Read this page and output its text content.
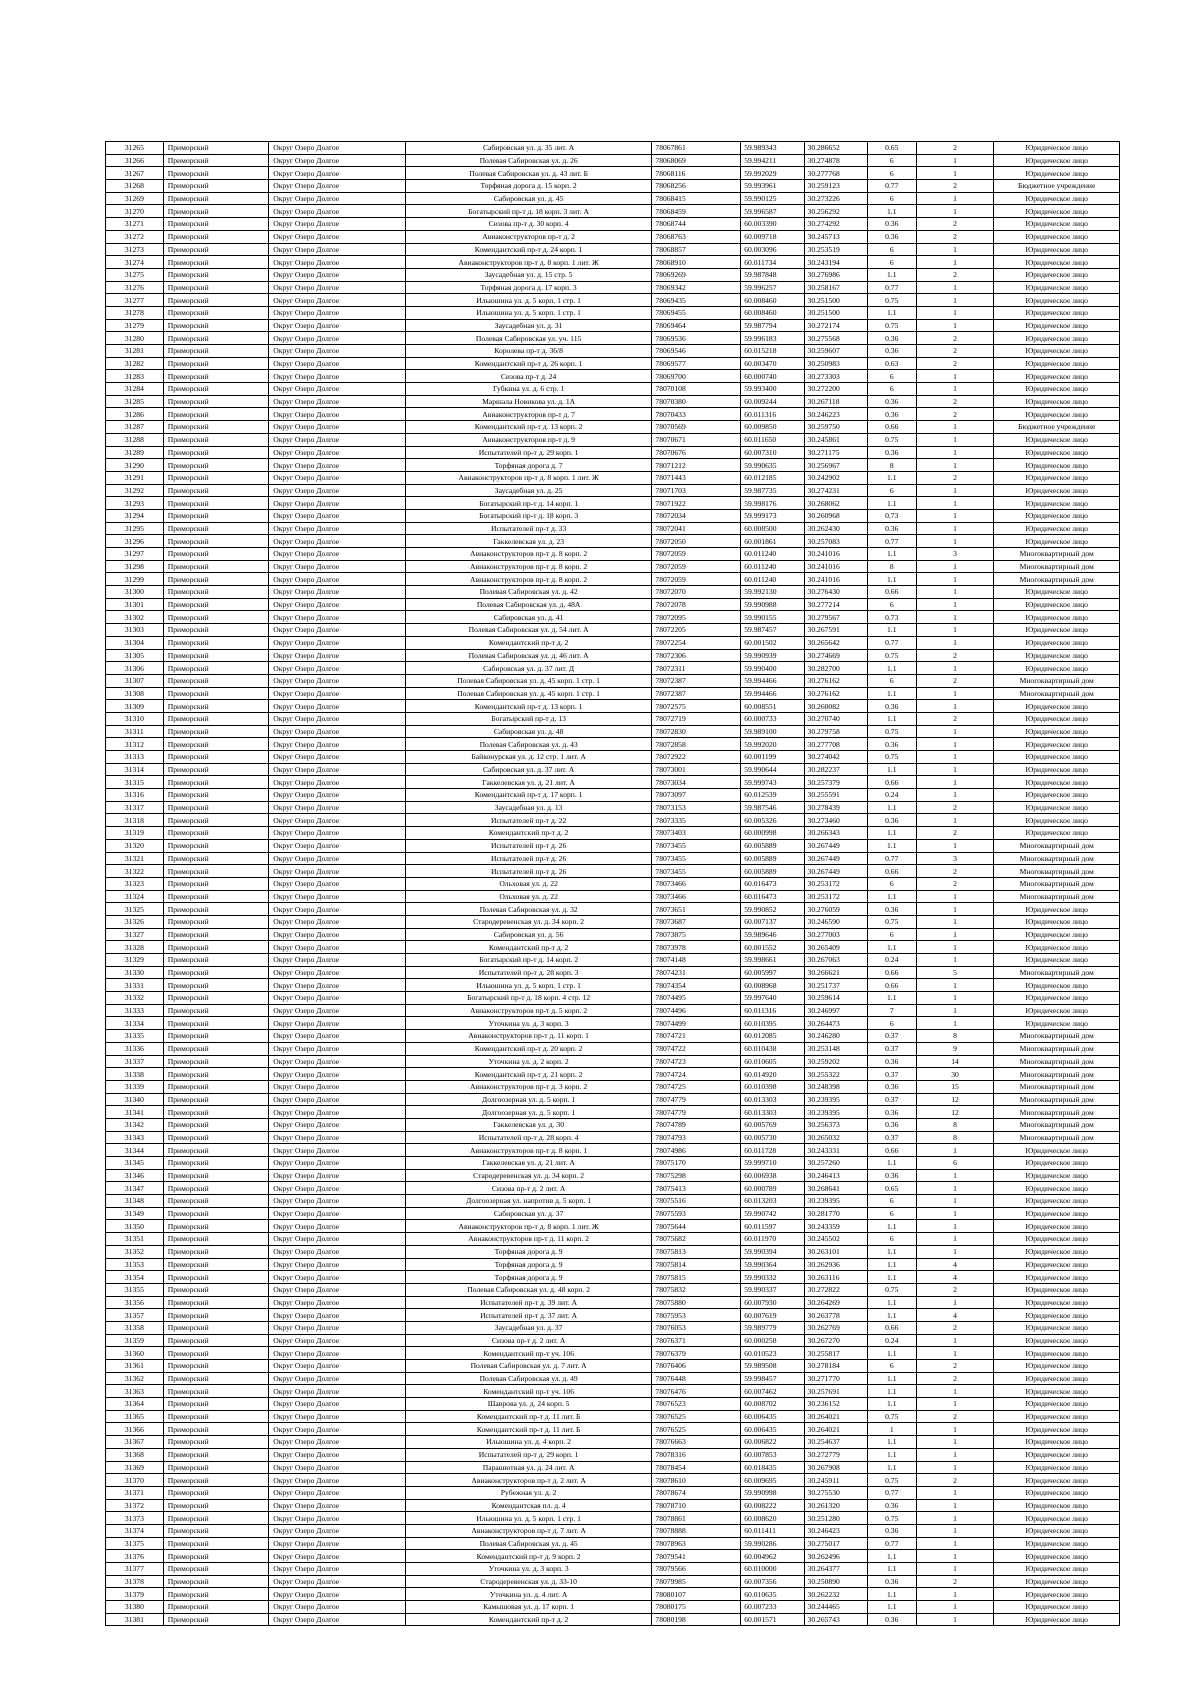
31265	Приморский	Округ Озеро Долгое	Сабировская ул. д. 35 лит. А	78067861	59.989343	30.286652	0.65	2	Юридическое лицо
31266	Приморский	Округ Озеро Долгое	Полевая Сабировская ул. д. 26	78068069	59.994211	30.274878	6	1	Юридическое лицо
31267	Приморский	Округ Озеро Долгое	Полевая Сабировская ул. д. 43 лит. Б	78068116	59.992029	30.277768	6	1	Юридическое лицо
31268	Приморский	Округ Озеро Долгое	Торфяная дорога д. 15 корп. 2	78068256	59.993961	30.259123	0.77	2	Бюджетное учреждение
31269	Приморский	Округ Озеро Долгое	Сабировская ул. д. 45	78068415	59.990125	30.273226	6	1	Юридическое лицо
31270	Приморский	Округ Озеро Долгое	Богатырский пр-т д. 18 корп. 3 лит. А	78068459	59.996587	30.256292	1.1	1	Юридическое лицо
31271	Приморский	Округ Озеро Долгое	Сизова пр-т д. 30 корп. 4	78068744	60.003390	30.274292	0.36	2	Юридическое лицо
31272	Приморский	Округ Озеро Долгое	Авиаконструкторов пр-т д. 2	78068763	60.009718	30.245713	0.36	2	Юридическое лицо
31273	Приморский	Округ Озеро Долгое	Комендантский пр-т д. 24 корп. 1	78068857	60.003096	30.253519	6	1	Юридическое лицо
31274	Приморский	Округ Озеро Долгое	Авиаконструкторов пр-т д. 8 корп. 1 лит. Ж	78068910	60.011734	30.243194	6	1	Юридическое лицо
31275	Приморский	Округ Озеро Долгое	Заусадебная ул. д. 15 стр. 5	78069269	59.987848	30.276986	1.1	2	Юридическое лицо
31276	Приморский	Округ Озеро Долгое	Торфяная дорога д. 17 корп. 3	78069342	59.996257	30.258167	0.77	1	Юридическое лицо
31277	Приморский	Округ Озеро Долгое	Ильюшина ул. д. 5 корп. 1 стр. 1	78069435	60.008460	30.251500	0.75	1	Юридическое лицо
31278	Приморский	Округ Озеро Долгое	Ильюшина ул. д. 5 корп. 1 стр. 1	78069455	60.008460	30.251500	1.1	1	Юридическое лицо
31279	Приморский	Округ Озеро Долгое	Заусадебная ул. д. 31	78069464	59.987794	30.272174	0.75	1	Юридическое лицо
31280	Приморский	Округ Озеро Долгое	Полевая Сабировская ул. уч. 115	78069536	59.996183	30.275568	0.36	2	Юридическое лицо
31281	Приморский	Округ Озеро Долгое	Королева пр-т д. 36/8	78069546	60.015218	30.259607	0.36	2	Юридическое лицо
31282	Приморский	Округ Озеро Долгое	Комендантский пр-т д. 26 корп. 1	78069577	60.003470	30.250983	0.63	2	Юридическое лицо
31283	Приморский	Округ Озеро Долгое	Сизова пр-т д. 24	78069700	60.000740	30.273303	6	1	Юридическое лицо
31284	Приморский	Округ Озеро Долгое	Губкина ул. д. 6 стр. 1	78070108	59.993400	30.272200	6	1	Юридическое лицо
31285	Приморский	Округ Озеро Долгое	Маршала Новикова ул. д. 1А	78070380	60.009244	30.267118	0.36	2	Юридическое лицо
31286	Приморский	Округ Озеро Долгое	Авиаконструкторов пр-т д. 7	78070433	60.011316	30.246223	0.36	2	Юридическое лицо
31287	Приморский	Округ Озеро Долгое	Комендантский пр-т д. 13 корп. 2	78070569	60.009850	30.259750	0.66	1	Бюджетное учреждение
31288	Приморский	Округ Озеро Долгое	Авиаконструкторов пр-т д. 9	78070671	60.011650	30.245861	0.75	1	Юридическое лицо
31289	Приморский	Округ Озеро Долгое	Испытателей пр-т д. 29 корп. 1	78070676	60.007310	30.271175	0.36	1	Юридическое лицо
31290	Приморский	Округ Озеро Долгое	Торфяная дорога д. 7	78071212	59.990635	30.256967	8	1	Юридическое лицо
31291	Приморский	Округ Озеро Долгое	Авиаконструкторов пр-т д. 8 корп. 1 лит. Ж	78071443	60.012185	30.242902	1.1	2	Юридическое лицо
31292	Приморский	Округ Озеро Долгое	Заусадебная ул. д. 25	78071703	59.987735	30.274231	6	1	Юридическое лицо
31293	Приморский	Округ Озеро Долгое	Богатырский пр-т д. 14 корп. 1	78071922	59.998176	30.268062	1.1	1	Юридическое лицо
31294	Приморский	Округ Озеро Долгое	Богатырский пр-т д. 18 корп. 3	78072034	59.999173	30.260968	0.73	1	Юридическое лицо
31295	Приморский	Округ Озеро Долгое	Испытателей пр-т д. 33	78072041	60.008500	30.262430	0.36	1	Юридическое лицо
31296	Приморский	Округ Озеро Долгое	Гаккелевская ул. д. 23	78072050	60.001861	30.257083	0.77	1	Юридическое лицо
31297	Приморский	Округ Озеро Долгое	Авиаконструкторов пр-т д. 8 корп. 2	78072059	60.011240	30.241016	1.1	3	Многоквартирный дом
31298	Приморский	Округ Озеро Долгое	Авиаконструкторов пр-т д. 8 корп. 2	78072059	60.011240	30.241016	8	1	Многоквартирный дом
31299	Приморский	Округ Озеро Долгое	Авиаконструкторов пр-т д. 8 корп. 2	78072059	60.011240	30.241016	1.1	1	Многоквартирный дом
31300	Приморский	Округ Озеро Долгое	Полевая Сабировская ул. д. 42	78072070	59.992130	30.276430	0.66	1	Юридическое лицо
31301	Приморский	Округ Озеро Долгое	Полевая Сабировская ул. д. 48А	78072078	59.990988	30.277214	6	1	Юридическое лицо
31302	Приморский	Округ Озеро Долгое	Сабировская ул. д. 41	78072095	59.990155	30.279567	0.73	1	Юридическое лицо
31303	Приморский	Округ Озеро Долгое	Полевая Сабировская ул. д. 54 лит. А	78072205	59.987457	30.267591	1.1	1	Юридическое лицо
31304	Приморский	Округ Озеро Долгое	Комендантский пр-т д. 2	78072254	60.001502	30.265642	0.77	1	Юридическое лицо
31305	Приморский	Округ Озеро Долгое	Полевая Сабировская ул. д. 46 лит. А	78072306	59.990939	30.274669	0.75	2	Юридическое лицо
31306	Приморский	Округ Озеро Долгое	Сабировская ул. д. 37 лит. Д	78072311	59.990400	30.282700	1.1	1	Юридическое лицо
31307	Приморский	Округ Озеро Долгое	Полевая Сабировская ул. д. 45 корп. 1 стр. 1	78072387	59.994466	30.276162	6	2	Многоквартирный дом
31308	Приморский	Округ Озеро Долгое	Полевая Сабировская ул. д. 45 корп. 1 стр. 1	78072387	59.994466	30.276162	1.1	1	Многоквартирный дом
31309	Приморский	Округ Озеро Долгое	Комендантский пр-т д. 13 корп. 1	78072575	60.008551	30.260082	0.36	1	Юридическое лицо
31310	Приморский	Округ Озеро Долгое	Богатырский пр-т д. 13	78072719	60.000733	30.270740	1.1	2	Юридическое лицо
31311	Приморский	Округ Озеро Долгое	Сабировская ул. д. 48	78072830	59.989100	30.279758	0.75	1	Юридическое лицо
31312	Приморский	Округ Озеро Долгое	Полевая Сабировская ул. д. 43	78072858	59.992020	30.277708	0.36	1	Юридическое лицо
31313	Приморский	Округ Озеро Долгое	Байконурская ул. д. 12 стр. 1 лит. А	78072922	60.001199	30.274042	0.75	1	Юридическое лицо
31314	Приморский	Округ Озеро Долгое	Сабировская ул. д. 37 лит. А	78073001	59.990644	30.282237	1.1	1	Юридическое лицо
31315	Приморский	Округ Озеро Долгое	Гаккелевская ул. д. 21 лит. А	78073034	59.999743	30.257379	0.66	1	Юридическое лицо
31316	Приморский	Округ Озеро Долгое	Комендантский пр-т д. 17 корп. 1	78073097	60.012539	30.255591	0.24	1	Юридическое лицо
31317	Приморский	Округ Озеро Долгое	Заусадебная ул. д. 13	78073153	59.987546	30.278439	1.1	2	Юридическое лицо
31318	Приморский	Округ Озеро Долгое	Испытателей пр-т д. 22	78073335	60.005326	30.273460	0.36	1	Юридическое лицо
31319	Приморский	Округ Озеро Долгое	Комендантский пр-т д. 2	78073403	60.000998	30.266343	1.1	2	Юридическое лицо
31320	Приморский	Округ Озеро Долгое	Испытателей пр-т д. 26	78073455	60.005889	30.267449	1.1	1	Многоквартирный дом
31321	Приморский	Округ Озеро Долгое	Испытателей пр-т д. 26	78073455	60.005889	30.267449	0.77	3	Многоквартирный дом
31322	Приморский	Округ Озеро Долгое	Испытателей пр-т д. 26	78073455	60.005889	30.267449	0.66	2	Многоквартирный дом
31323	Приморский	Округ Озеро Долгое	Ольховая ул. д. 22	78073466	60.016473	30.253172	6	2	Многоквартирный дом
31324	Приморский	Округ Озеро Долгое	Ольховая ул. д. 22	78073466	60.016473	30.253172	1.1	1	Многоквартирный дом
31325	Приморский	Округ Озеро Долгое	Полевая Сабировская ул. д. 32	78073651	59.990852	30.276059	0.36	1	Юридическое лицо
31326	Приморский	Округ Озеро Долгое	Стародеревенская ул. д. 34 корп. 2	78073687	60.007137	30.246590	0.75	1	Юридическое лицо
31327	Приморский	Округ Озеро Долгое	Сабировская ул. д. 56	78073875	59.989646	30.277003	6	1	Юридическое лицо
31328	Приморский	Округ Озеро Долгое	Комендантский пр-т д. 2	78073978	60.001552	30.265409	1.1	1	Юридическое лицо
31329	Приморский	Округ Озеро Долгое	Богатырский пр-т д. 14 корп. 2	78074148	59.998661	30.267063	0.24	1	Юридическое лицо
31330	Приморский	Округ Озеро Долгое	Испытателей пр-т д. 28 корп. 3	78074231	60.005997	30.266621	0.66	5	Многоквартирный дом
31331	Приморский	Округ Озеро Долгое	Ильюшина ул. д. 5 корп. 1 стр. 1	78074354	60.008968	30.251737	0.66	1	Юридическое лицо
31332	Приморский	Округ Озеро Долгое	Богатырский пр-т д. 18 корп. 4 стр. 12	78074495	59.997640	30.259614	1.1	1	Юридическое лицо
31333	Приморский	Округ Озеро Долгое	Авиаконструкторов пр-т д. 5 корп. 2	78074496	60.011316	30.246997	7	1	Юридическое лицо
31334	Приморский	Округ Озеро Долгое	Уточкина ул. д. 3 корп. 3	78074499	60.010395	30.264473	6	1	Юридическое лицо
31335	Приморский	Округ Озеро Долгое	Авиаконструкторов пр-т д. 11 корп. 1	78074721	60.012085	30.246280	0.37	8	Многоквартирный дом
31336	Приморский	Округ Озеро Долгое	Комендантский пр-т д. 20 корп. 2	78074722	60.010438	30.253148	0.37	9	Многоквартирный дом
31337	Приморский	Округ Озеро Долгое	Уточкина ул. д. 2 корп. 2	78074723	60.010605	30.259202	0.36	14	Многоквартирный дом
31338	Приморский	Округ Озеро Долгое	Комендантский пр-т д. 21 корп. 2	78074724	60.014920	30.255322	0.37	30	Многоквартирный дом
31339	Приморский	Округ Озеро Долгое	Авиаконструкторов пр-т д. 3 корп. 2	78074725	60.010398	30.248398	0.36	15	Многоквартирный дом
31340	Приморский	Округ Озеро Долгое	Долгоозерная ул. д. 5 корп. 1	78074779	60.013303	30.239395	0.37	12	Многоквартирный дом
31341	Приморский	Округ Озеро Долгое	Долгоозерная ул. д. 5 корп. 1	78074779	60.013303	30.239395	0.36	12	Многоквартирный дом
31342	Приморский	Округ Озеро Долгое	Гаккелевская ул. д. 30	78074789	60.005769	30.256373	0.36	8	Многоквартирный дом
31343	Приморский	Округ Озеро Долгое	Испытателей пр-т д. 28 корп. 4	78074793	60.005730	30.265032	0.37	8	Многоквартирный дом
31344	Приморский	Округ Озеро Долгое	Авиаконструкторов пр-т д. 8 корп. 1	78074986	60.011728	30.243331	0.66	1	Юридическое лицо
31345	Приморский	Округ Озеро Долгое	Гаккелевская ул. д. 21 лит. А	78075170	59.999710	30.257260	1.1	6	Юридическое лицо
31346	Приморский	Округ Озеро Долгое	Стародеревенская ул. д. 34 корп. 2	78075298	60.006938	30.246413	0.36	1	Юридическое лицо
31347	Приморский	Округ Озеро Долгое	Сизова пр-т д. 2 лит. А	78075413	60.000789	30.268641	0.65	1	Юридическое лицо
31348	Приморский	Округ Озеро Долгое	Долгоозерная ул. напротив д. 5 корп. 1	78075516	60.013203	30.239395	6	1	Юридическое лицо
31349	Приморский	Округ Озеро Долгое	Сабировская ул. д. 37	78075593	59.990742	30.281770	6	1	Юридическое лицо
31350	Приморский	Округ Озеро Долгое	Авиаконструкторов пр-т д. 8 корп. 1 лит. Ж	78075644	60.011597	30.243359	1.1	1	Юридическое лицо
31351	Приморский	Округ Озеро Долгое	Авиаконструкторов пр-т д. 11 корп. 2	78075682	60.011970	30.245502	6	1	Юридическое лицо
31352	Приморский	Округ Озеро Долгое	Торфяная дорога д. 9	78075813	59.990394	30.263101	1.1	1	Юридическое лицо
31353	Приморский	Округ Озеро Долгое	Торфяная дорога д. 9	78075814	59.990364	30.262936	1.1	4	Юридическое лицо
31354	Приморский	Округ Озеро Долгое	Торфяная дорога д. 9	78075815	59.990332	30.263116	1.1	4	Юридическое лицо
31355	Приморский	Округ Озеро Долгое	Полевая Сабировская ул. д. 48 корп. 2	78075832	59.990337	30.272822	0.75	2	Юридическое лицо
31356	Приморский	Округ Озеро Долгое	Испытателей пр-т д. 39 лит. А	78075880	60.007930	30.264269	1.1	1	Юридическое лицо
31357	Приморский	Округ Озеро Долгое	Испытателей пр-т д. 37 лит. А	78075953	60.007619	30.263778	1.1	4	Юридическое лицо
31358	Приморский	Округ Озеро Долгое	Заусадебная ул. д. 37	78076053	59.989779	30.262769	0.66	2	Юридическое лицо
31359	Приморский	Округ Озеро Долгое	Сизова пр-т д. 2 лит. А	78076371	60.000258	30.267270	0.24	1	Юридическое лицо
31360	Приморский	Округ Озеро Долгое	Комендантский пр-т уч. 106	78076379	60.010523	30.255817	1.1	1	Юридическое лицо
31361	Приморский	Округ Озеро Долгое	Полевая Сабировская ул. д. 7 лит. А	78076406	59.989508	30.278184	6	2	Юридическое лицо
31362	Приморский	Округ Озеро Долгое	Полевая Сабировская ул. д. 49	78076448	59.998457	30.271770	1.1	2	Юридическое лицо
31363	Приморский	Округ Озеро Долгое	Комендантский пр-т уч. 106	78076476	60.007462	30.257691	1.1	1	Юридическое лицо
31364	Приморский	Округ Озеро Долгое	Шаврова ул. д. 24 корп. 5	78076523	60.008702	30.236152	1.1	1	Юридическое лицо
31365	Приморский	Округ Озеро Долгое	Комендантский пр-т д. 11 лит. Б	78076525	60.006435	30.264021	0.75	2	Юридическое лицо
31366	Приморский	Округ Озеро Долгое	Комендантский пр-т д. 11 лит. Б	78076525	60.006435	30.264021	1	1	Юридическое лицо
31367	Приморский	Округ Озеро Долгое	Ильюшина ул. д. 4 корп. 2	78076663	60.006822	30.254637	1.1	1	Юридическое лицо
31368	Приморский	Округ Озеро Долгое	Испытателей пр-т д. 29 корп. 1	78078316	60.007853	30.272779	1.1	1	Юридическое лицо
31369	Приморский	Округ Озеро Долгое	Парашютная ул. д. 24 лит. А	78078454	60.018435	30.267908	1.1	1	Юридическое лицо
31370	Приморский	Округ Озеро Долгое	Авиаконструкторов пр-т д. 2 лит. А	78078610	60.009695	30.245911	0.75	2	Юридическое лицо
31371	Приморский	Округ Озеро Долгое	Рубежная ул. д. 2	78078674	59.990998	30.275530	0.77	1	Юридическое лицо
31372	Приморский	Округ Озеро Долгое	Комендантская пл. д. 4	78078710	60.008222	30.261320	0.36	1	Юридическое лицо
31373	Приморский	Округ Озеро Долгое	Ильюшина ул. д. 5 корп. 1 стр. 1	78078861	60.008620	30.251280	0.75	1	Юридическое лицо
31374	Приморский	Округ Озеро Долгое	Авиаконструкторов пр-т д. 7 лит. А	78078888	60.011411	30.246423	0.36	1	Юридическое лицо
31375	Приморский	Округ Озеро Долгое	Полевая Сабировская ул. д. 45	78078963	59.990286	30.275017	0.77	1	Юридическое лицо
31376	Приморский	Округ Озеро Долгое	Комендантский пр-т д. 9 корп. 2	78079541	60.004962	30.262496	1.1	1	Юридическое лицо
31377	Приморский	Округ Озеро Долгое	Уточкина ул. д. 3 корп. 3	78079566	60.010000	30.264377	1.1	1	Юридическое лицо
31378	Приморский	Округ Озеро Долгое	Стародеревенская ул. д. 33-10	78079985	60.007356	30.250890	0.36	2	Юридическое лицо
31379	Приморский	Округ Озеро Долгое	Уточкина ул. д. 4 лит. А	78080107	60.010635	30.262232	1.1	1	Юридическое лицо
31380	Приморский	Округ Озеро Долгое	Камышовая ул. д. 17 корп. 1	78080175	60.007233	30.244465	1.1	1	Юридическое лицо
31381	Приморский	Округ Озеро Долгое	Комендантский пр-т д. 2	78080198	60.001571	30.265743	0.36	1	Юридическое лицо
